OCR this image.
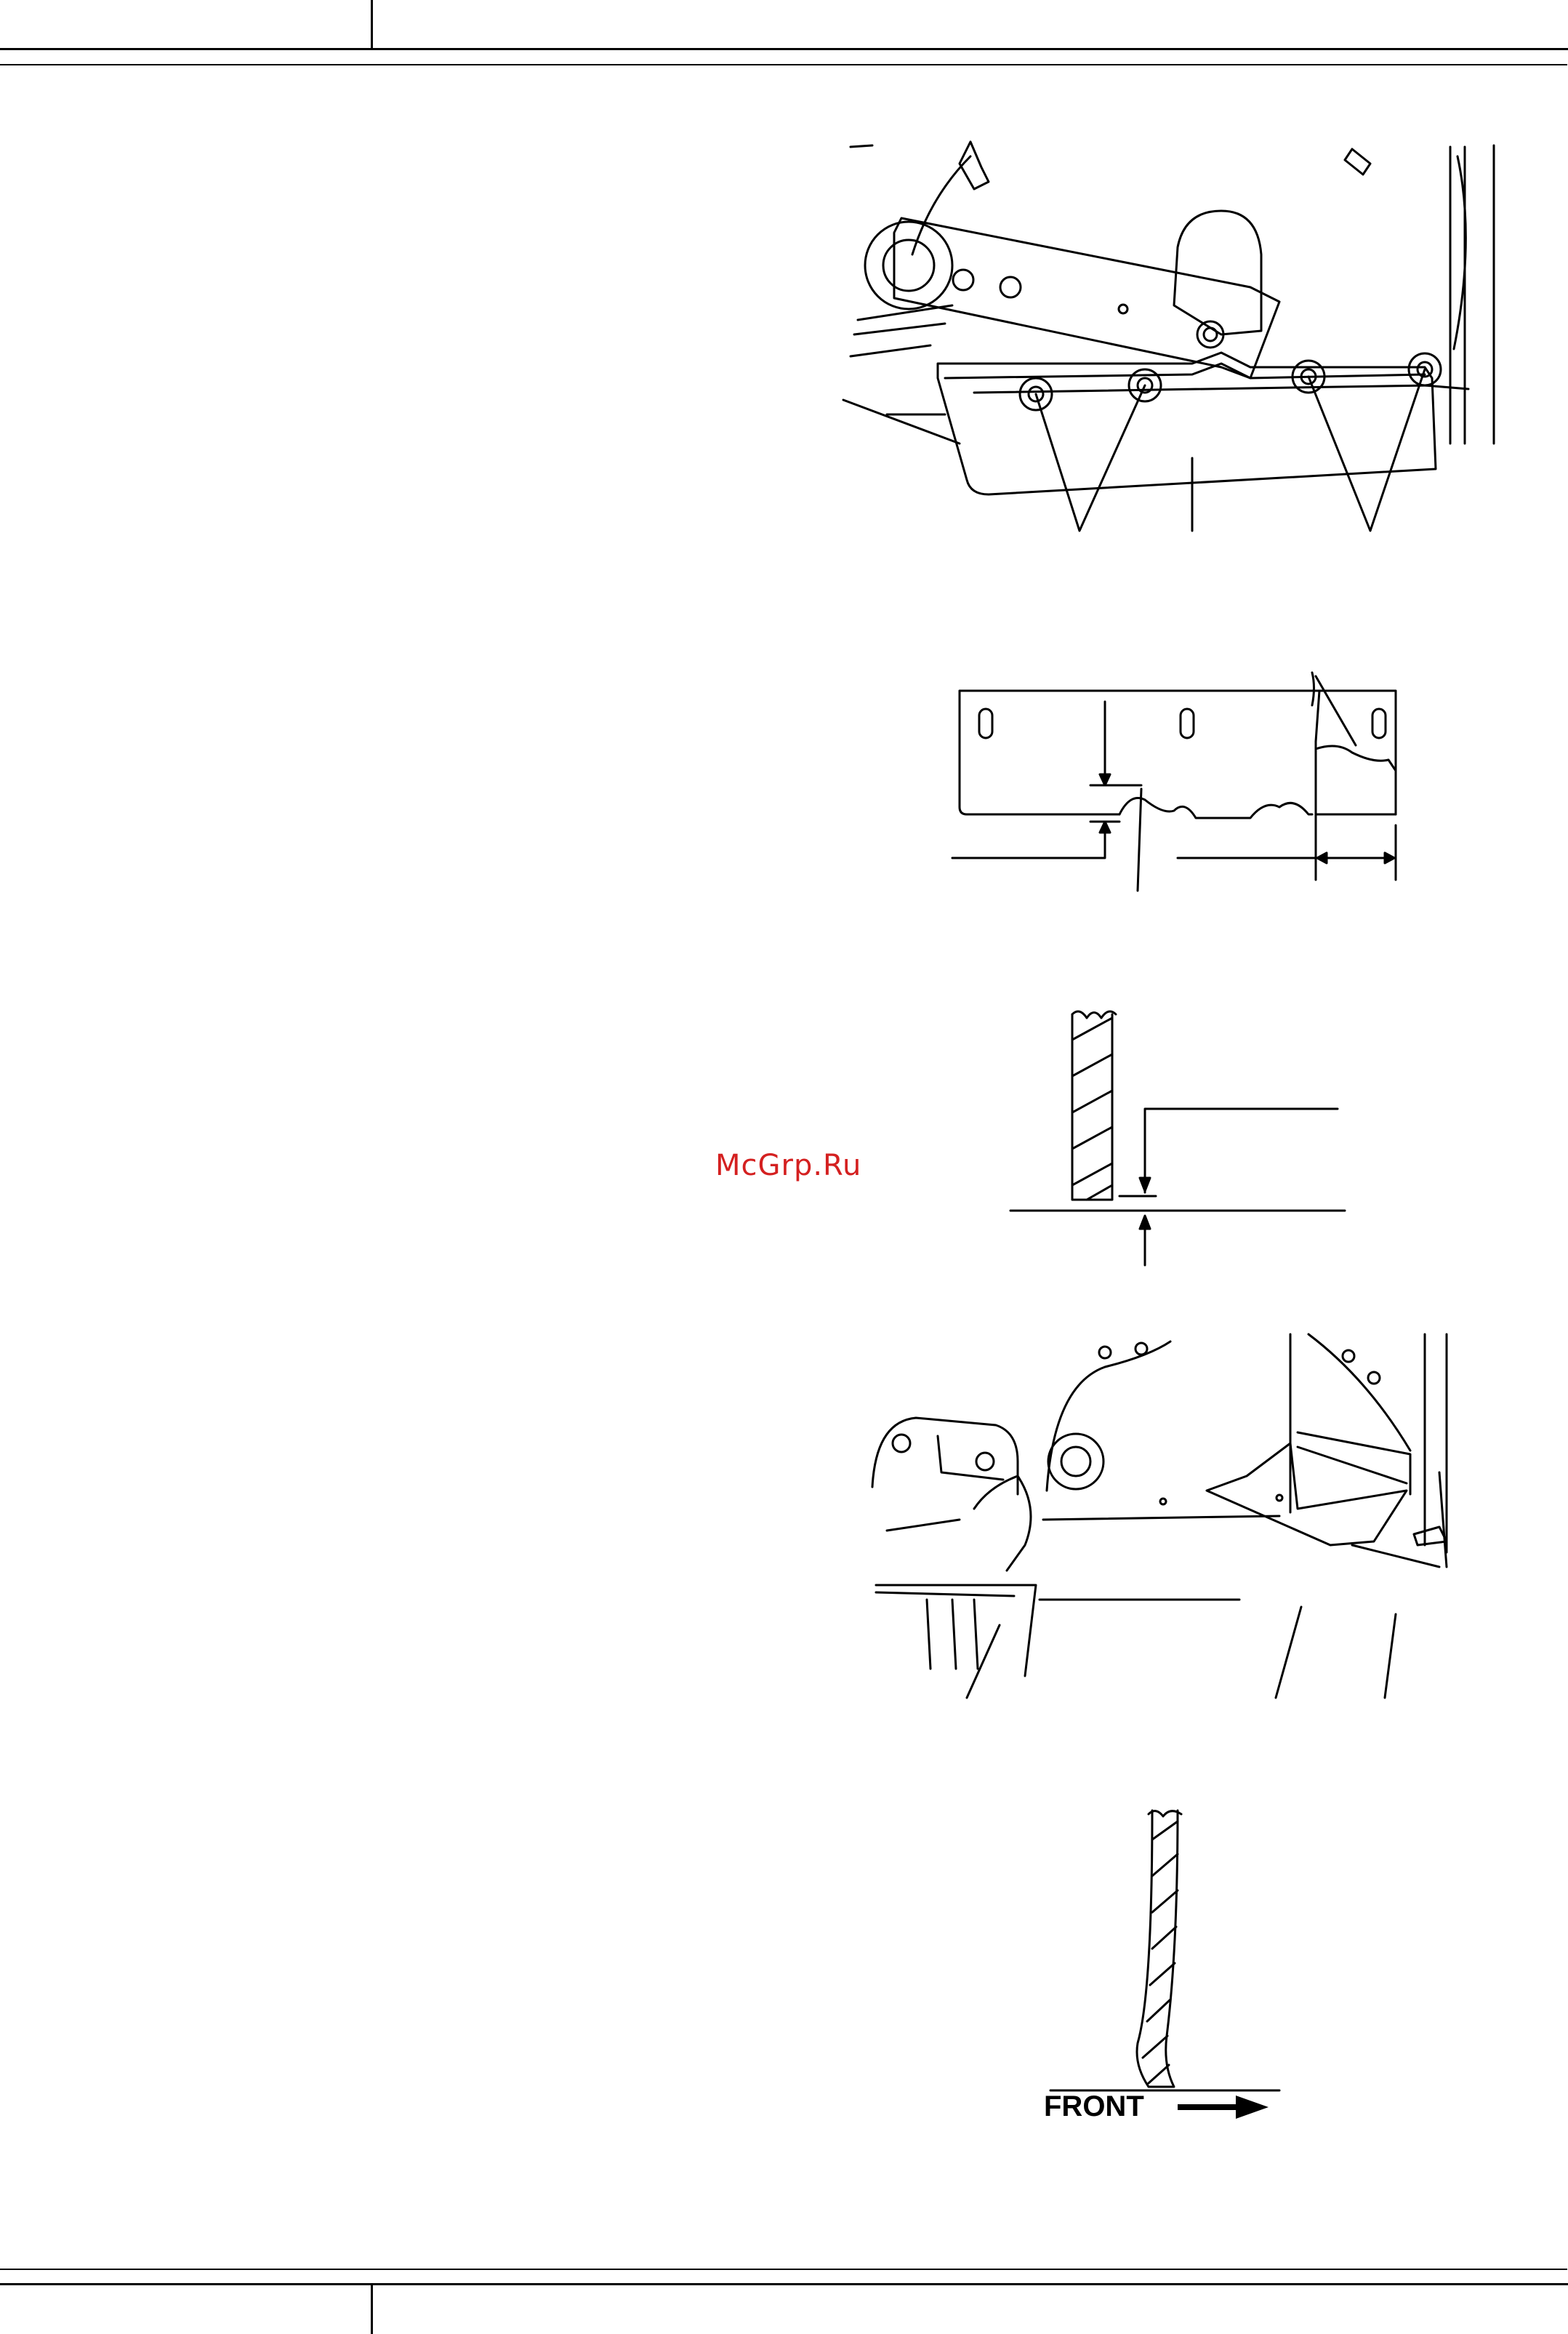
McGrp.Ru
FRONT
